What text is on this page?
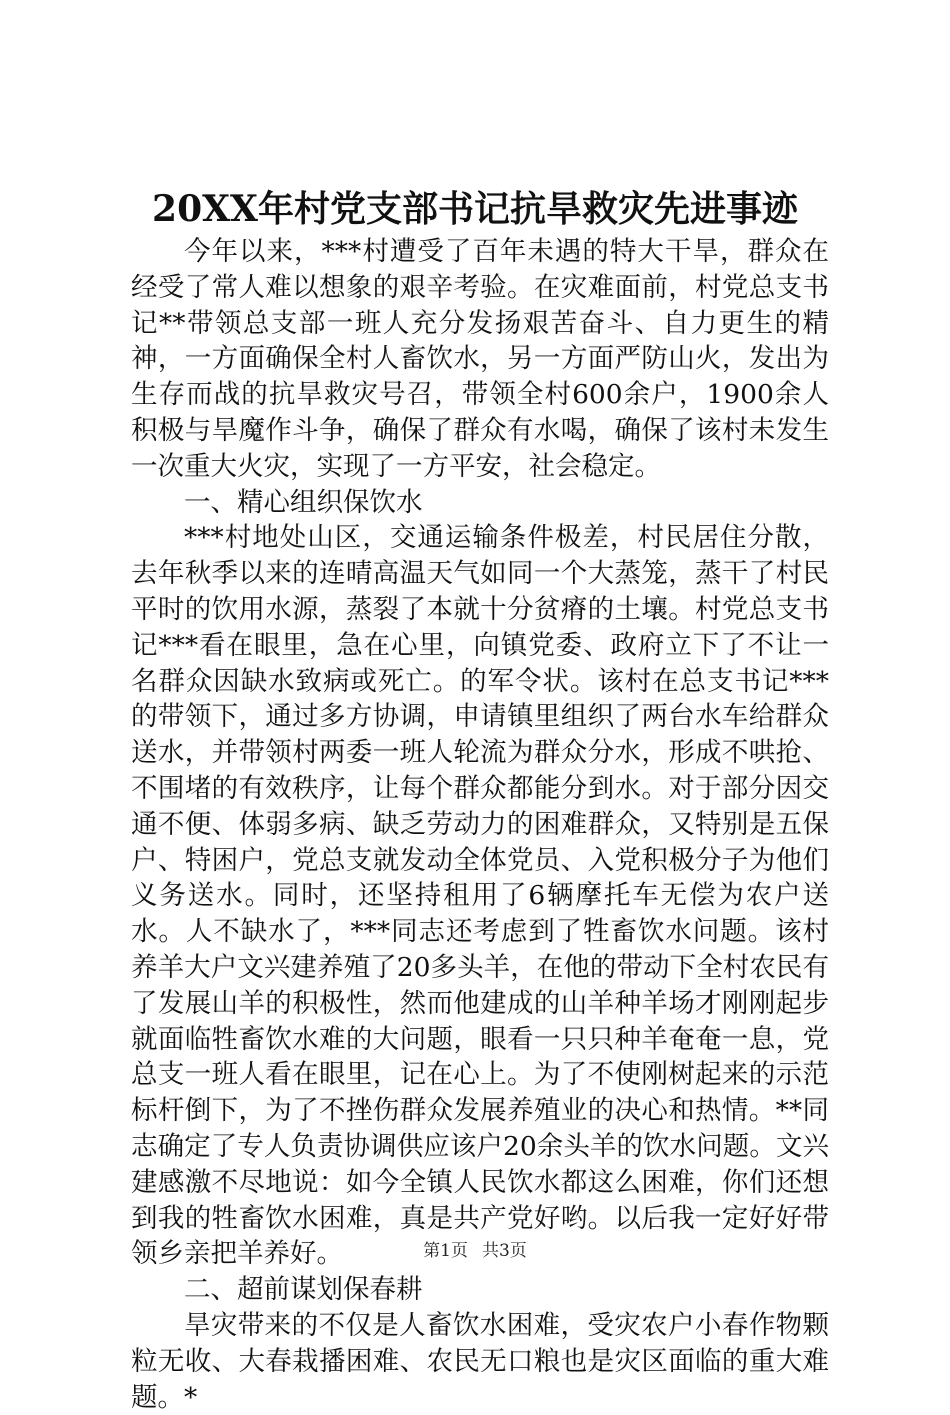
20XX年村党支部书记抗旱救灾先进事迹

今年以来，***村遭受了百年未遇的特大干旱，群众在经受了常人难以想象的艰辛考验。在灾难面前，村党总支书记**带领总支部一班人充分发扬艰苦奋斗、自力更生的精神，一方面确保全村人畜饮水，另一方面严防山火，发出为生存而战的抗旱救灾号召，带领全村600余户，1900余人积极与旱魔作斗争，确保了群众有水喝，确保了该村未发生一次重大火灾，实现了一方平安，社会稳定。

一、精心组织保饮水

***村地处山区，交通运输条件极差，村民居住分散，去年秋季以来的连晴高温天气如同一个大蒸笼，蒸干了村民平时的饮用水源，蒸裂了本就十分贫瘠的土壤。村党总支书记***看在眼里，急在心里，向镇党委、政府立下了不让一名群众因缺水致病或死亡。的军令状。该村在总支书记***的带领下，通过多方协调，申请镇里组织了两台水车给群众送水，并带领村两委一班人轮流为群众分水，形成不哄抢、不围堵的有效秩序，让每个群众都能分到水。对于部分因交通不便、体弱多病、缺乏劳动力的困难群众，又特别是五保户、特困户，党总支就发动全体党员、入党积极分子为他们义务送水。同时，还坚持租用了6辆摩托车无偿为农户送水。人不缺水了，***同志还考虑到了牲畜饮水问题。该村养羊大户文兴建养殖了20多头羊，在他的带动下全村农民有了发展山羊的积极性，然而他建成的山羊种羊场才刚刚起步就面临牲畜饮水难的大问题，眼看一只只种羊奄奄一息，党总支一班人看在眼里，记在心上。为了不使刚树起来的示范标杆倒下，为了不挫伤群众发展养殖业的决心和热情。**同志确定了专人负责协调供应该户20余头羊的饮水问题。文兴建感激不尽地说：如今全镇人民饮水都这么困难，你们还想到我的牲畜饮水困难，真是共产党好哟。以后我一定好好带领乡亲把羊养好。

二、超前谋划保春耕

旱灾带来的不仅是人畜饮水困难，受灾农户小春作物颗粒无收、大春栽播困难、农民无口粮也是灾区面临的重大难题。*

第1页 共3页
